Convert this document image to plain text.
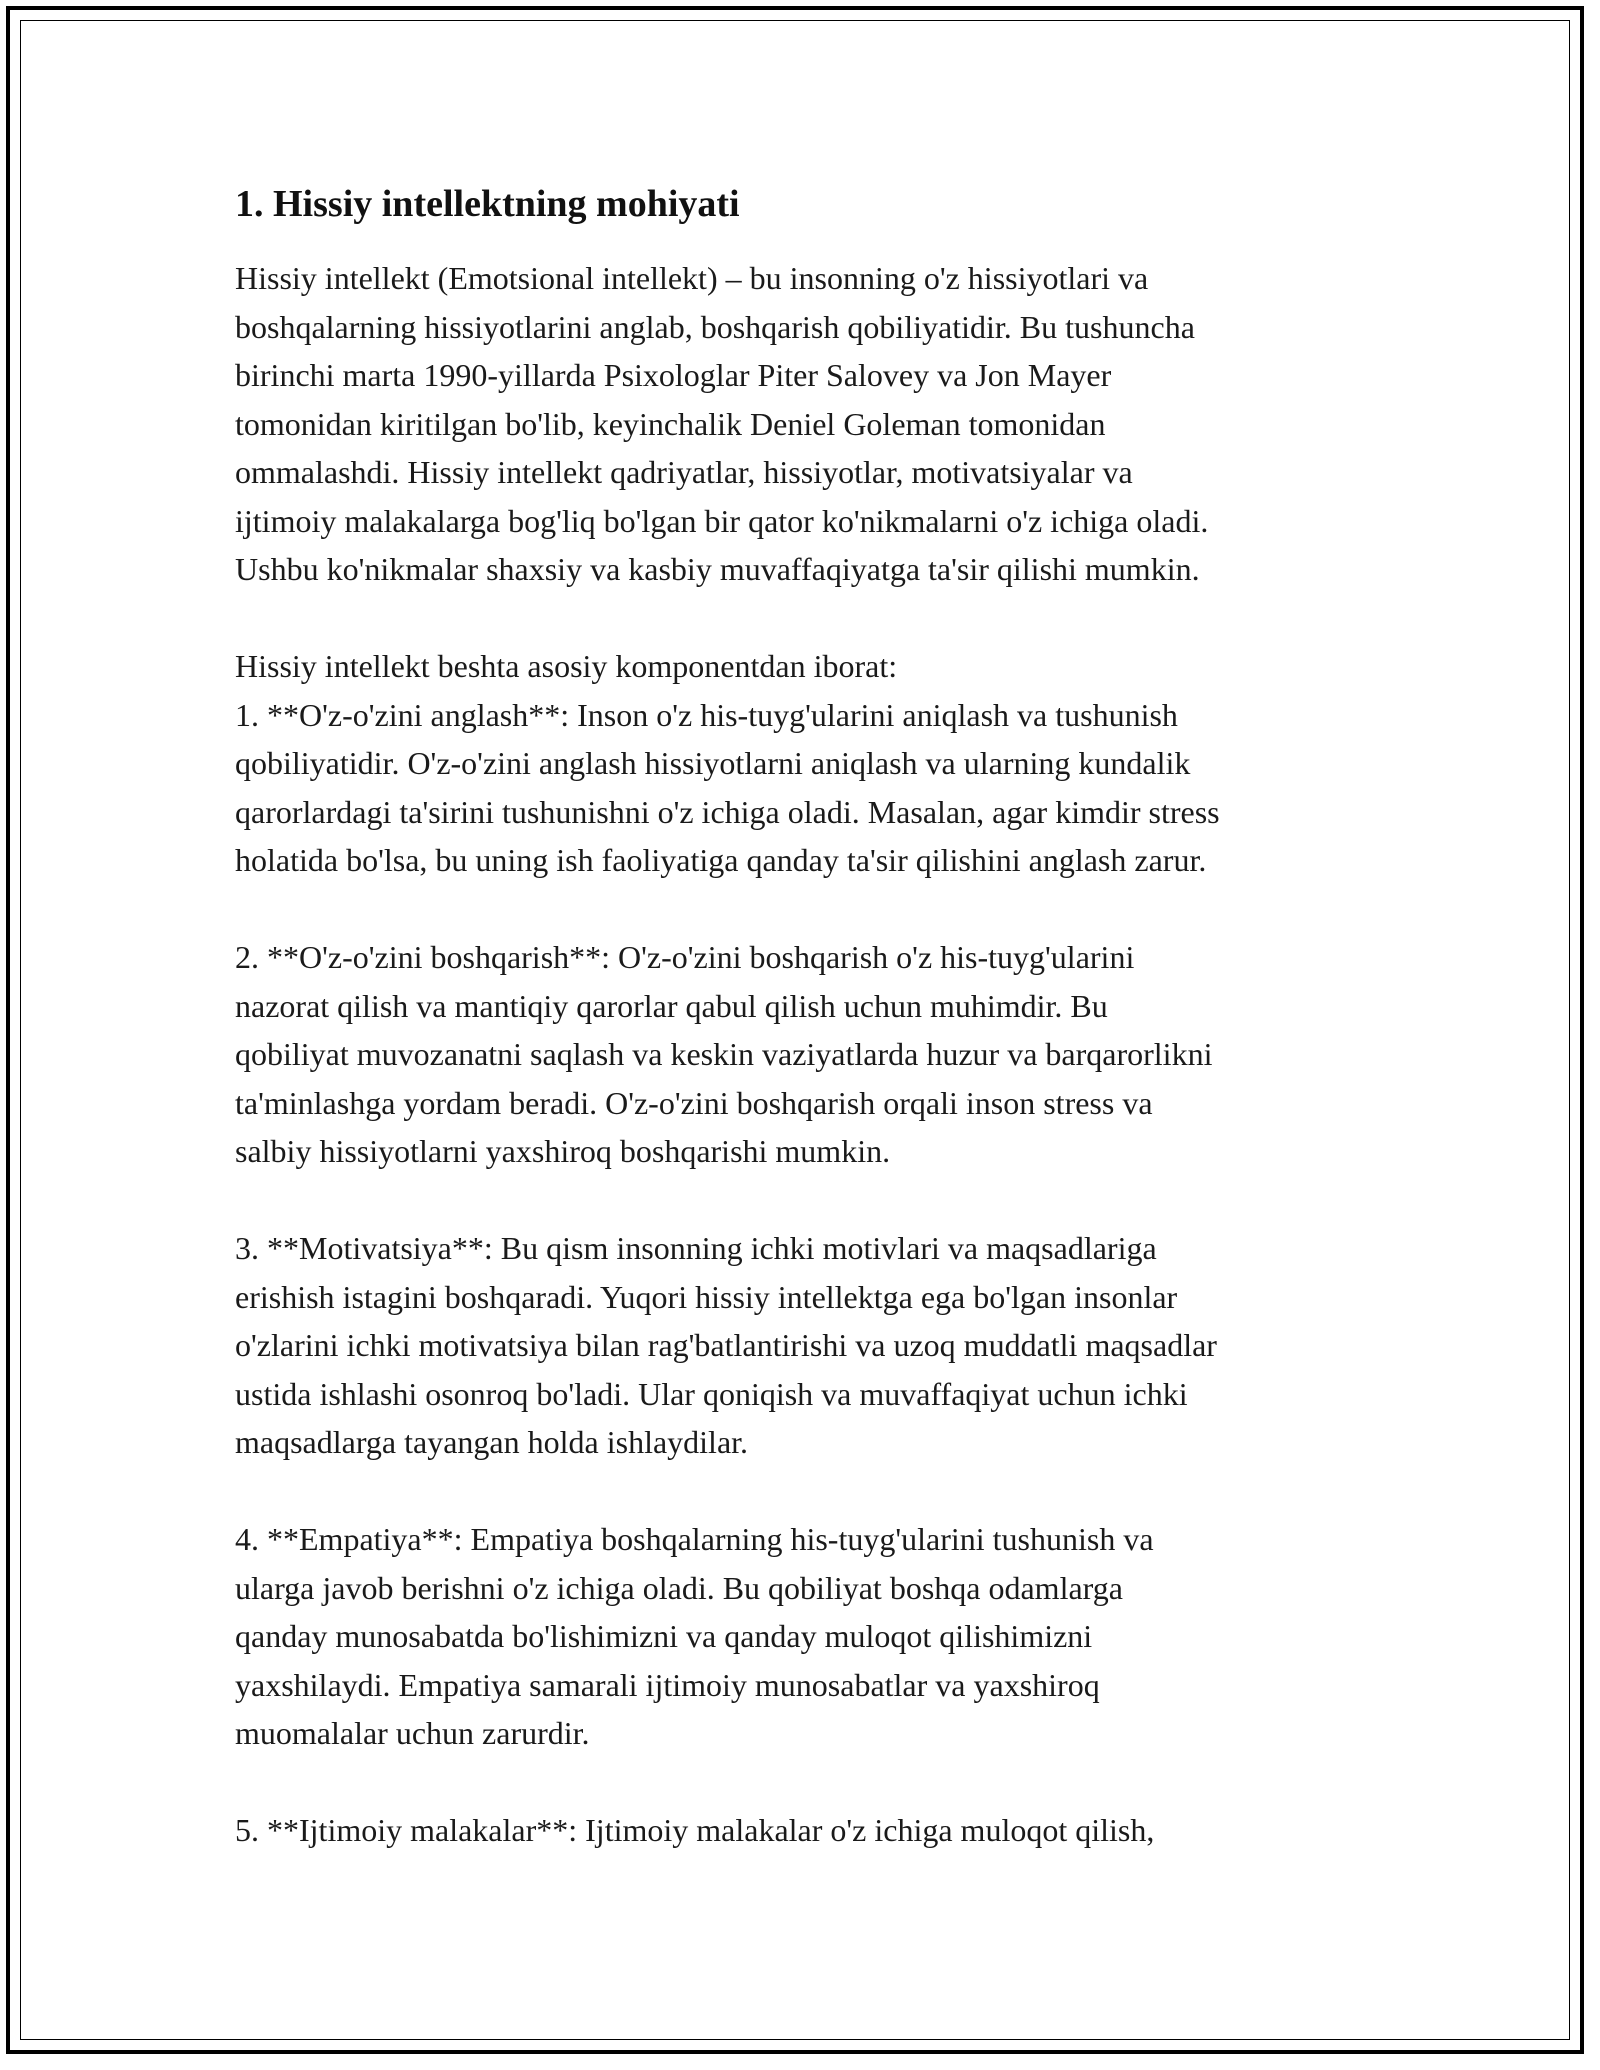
1. Hissiy intellektning mohiyati
Hissiy intellekt (Emotsional intellekt) – bu insonning o'z hissiyotlari va
boshqalarning hissiyotlarini anglab, boshqarish qobiliyatidir. Bu tushuncha
birinchi marta 1990-yillarda Psixologlar Piter Salovey va Jon Mayer
tomonidan kiritilgan bo'lib, keyinchalik Deniel Goleman tomonidan
ommalashdi. Hissiy intellekt qadriyatlar, hissiyotlar, motivatsiyalar va
ijtimoiy malakalarga bog'liq bo'lgan bir qator ko'nikmalarni o'z ichiga oladi.
Ushbu ko'nikmalar shaxsiy va kasbiy muvaffaqiyatga ta'sir qilishi mumkin.
Hissiy intellekt beshta asosiy komponentdan iborat:
1. **O'z-o'zini anglash**: Inson o'z his-tuyg'ularini aniqlash va tushunish
qobiliyatidir. O'z-o'zini anglash hissiyotlarni aniqlash va ularning kundalik
qarorlardagi ta'sirini tushunishni o'z ichiga oladi. Masalan, agar kimdir stress
holatida bo'lsa, bu uning ish faoliyatiga qanday ta'sir qilishini anglash zarur.
2. **O'z-o'zini boshqarish**: O'z-o'zini boshqarish o'z his-tuyg'ularini
nazorat qilish va mantiqiy qarorlar qabul qilish uchun muhimdir. Bu
qobiliyat muvozanatni saqlash va keskin vaziyatlarda huzur va barqarorlikni
ta'minlashga yordam beradi. O'z-o'zini boshqarish orqali inson stress va
salbiy hissiyotlarni yaxshiroq boshqarishi mumkin.
3. **Motivatsiya**: Bu qism insonning ichki motivlari va maqsadlariga
erishish istagini boshqaradi. Yuqori hissiy intellektga ega bo'lgan insonlar
o'zlarini ichki motivatsiya bilan rag'batlantirishi va uzoq muddatli maqsadlar
ustida ishlashi osonroq bo'ladi. Ular qoniqish va muvaffaqiyat uchun ichki
maqsadlarga tayangan holda ishlaydilar.
4. **Empatiya**: Empatiya boshqalarning his-tuyg'ularini tushunish va
ularga javob berishni o'z ichiga oladi. Bu qobiliyat boshqa odamlarga
qanday munosabatda bo'lishimizni va qanday muloqot qilishimizni
yaxshilaydi. Empatiya samarali ijtimoiy munosabatlar va yaxshiroq
muomalalar uchun zarurdir.
5. **Ijtimoiy malakalar**: Ijtimoiy malakalar o'z ichiga muloqot qilish,
